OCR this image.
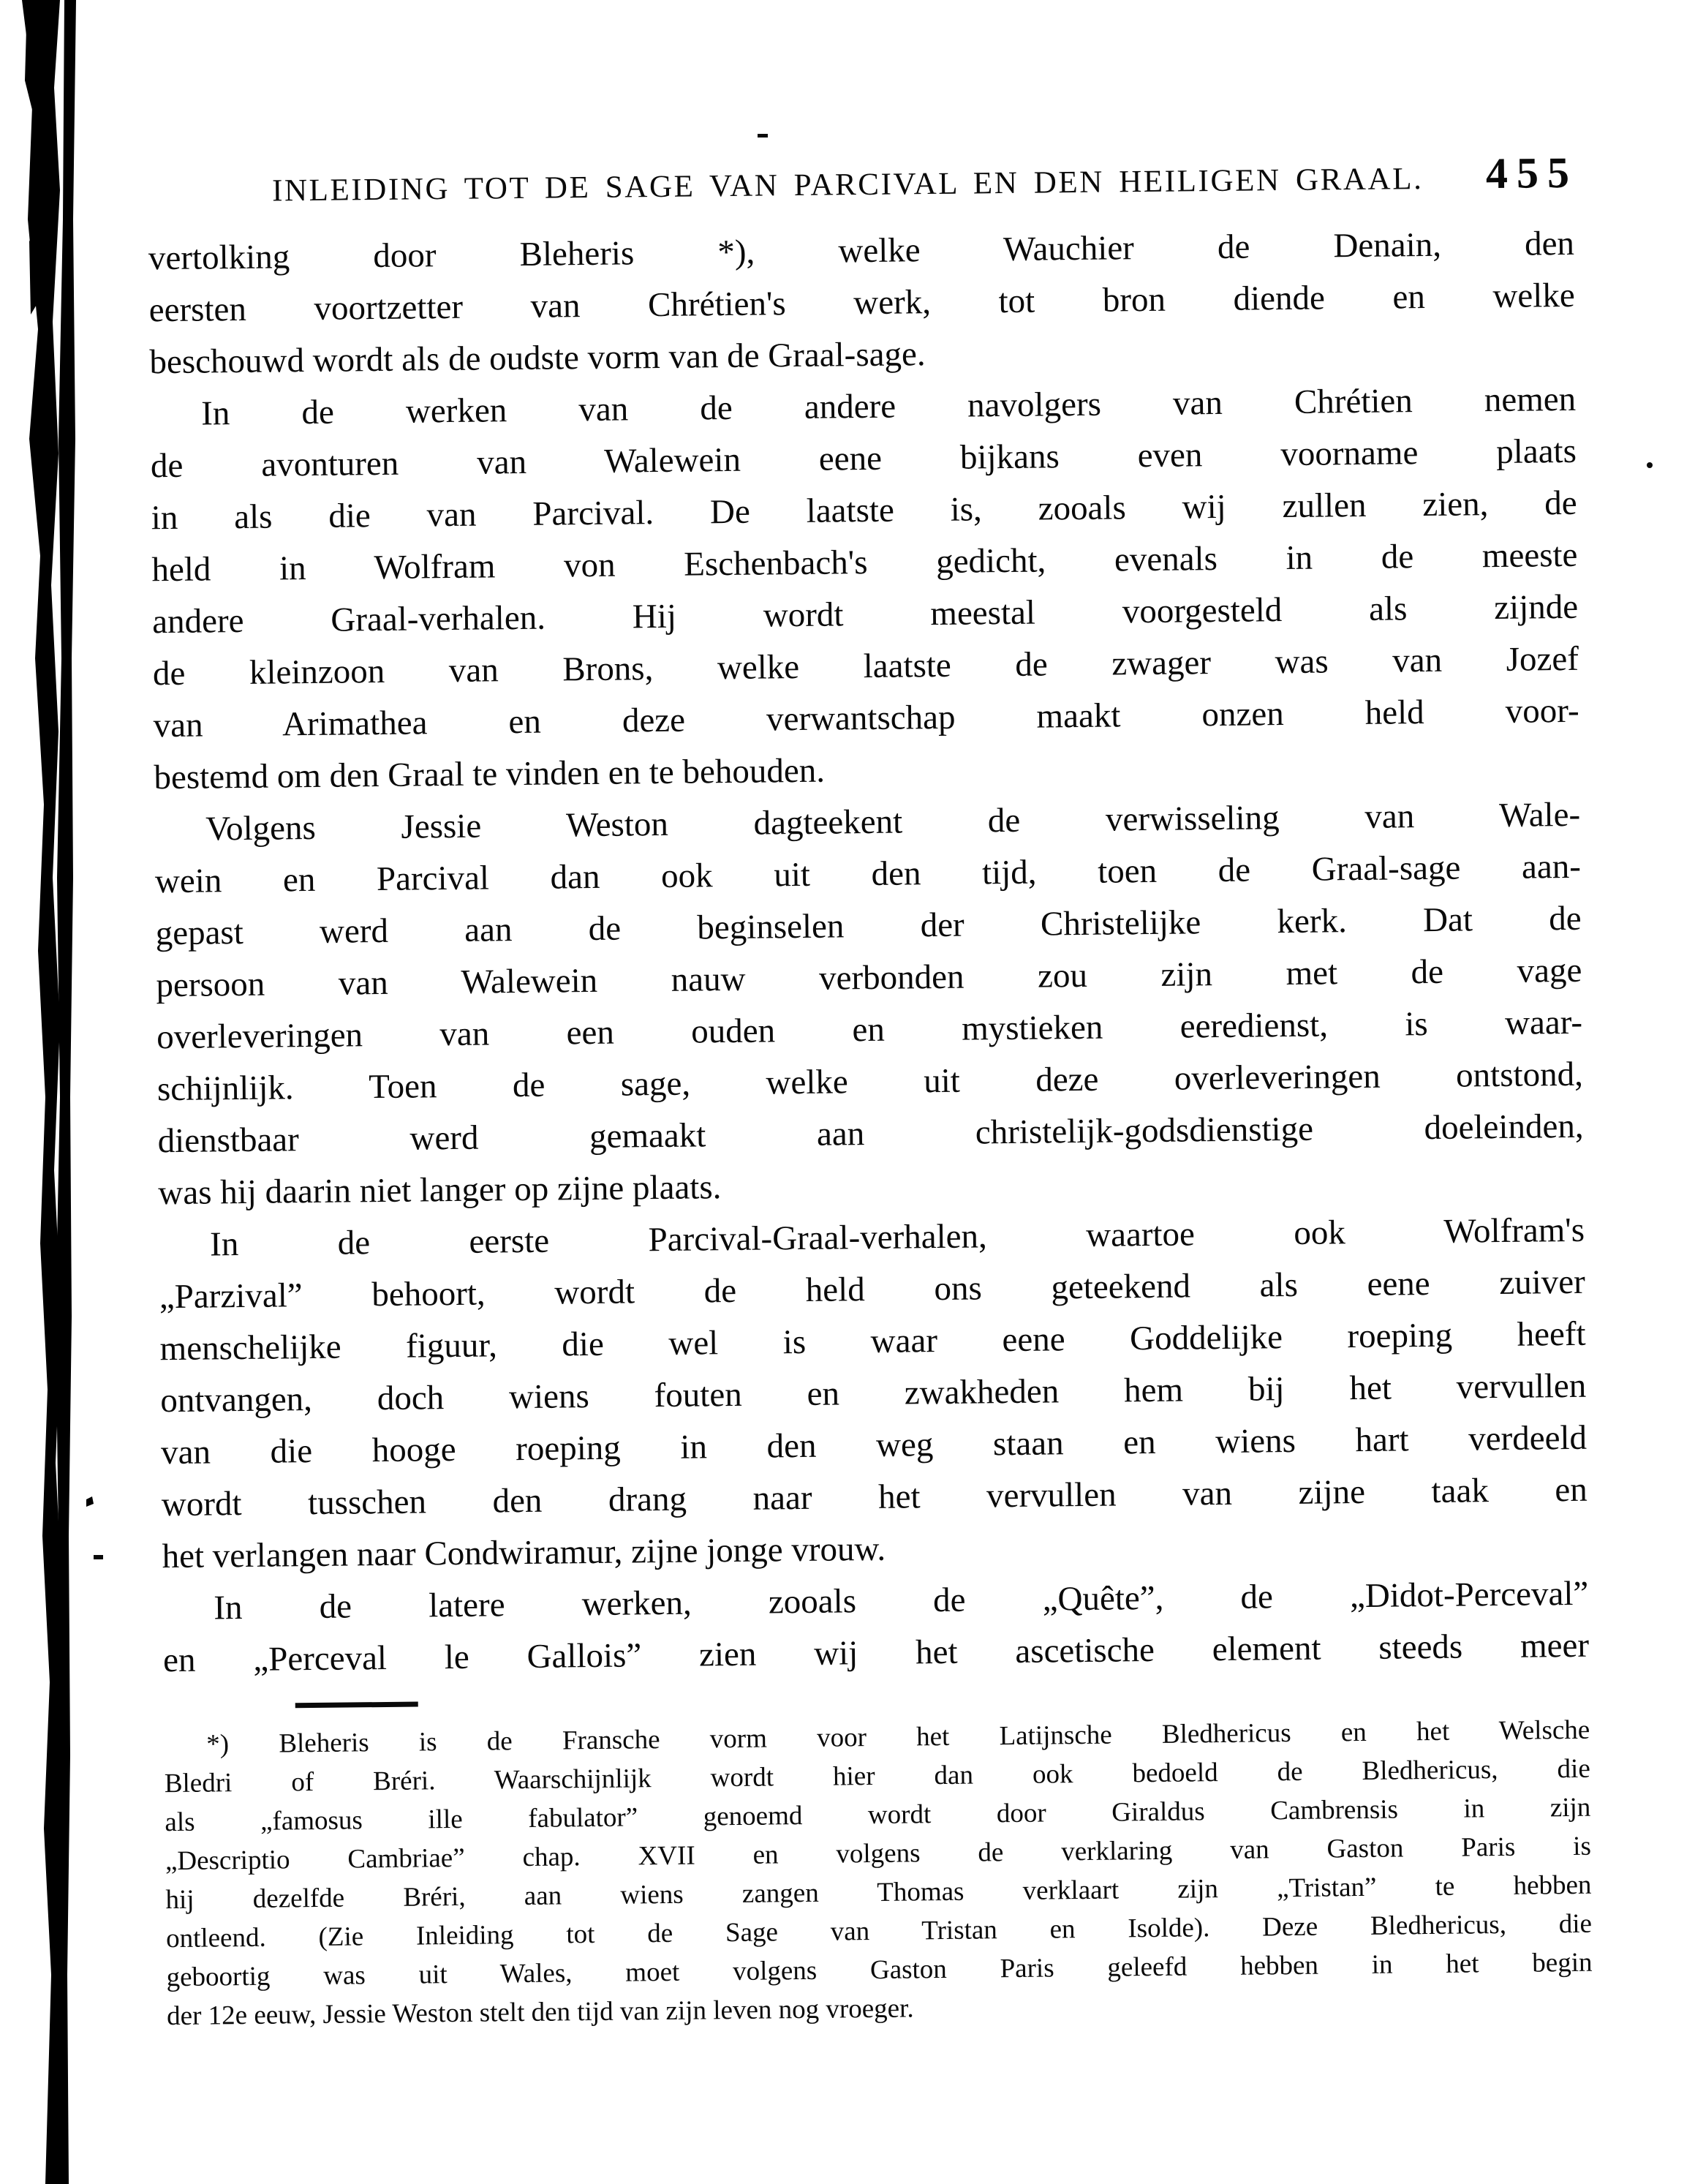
INLEIDING TOT DE SAGE VAN PARCIVAL EN DEN HEILIGEN GRAAL. 455
vertolking door Bleheris *), welke Wauchier de Denain, den
eersten voortzetter van Chrétien's werk, tot bron diende en welke
beschouwd wordt als de oudste vorm van de Graal-sage.
In de werken van de andere navolgers van Chrétien nemen
de avonturen van Walewein eene bijkans even voorname plaats
in als die van Parcival. De laatste is, zooals wij zullen zien, de
held in Wolfram von Eschenbach's gedicht, evenals in de meeste
andere Graal-verhalen. Hij wordt meestal voorgesteld als zijnde
de kleinzoon van Brons, welke laatste de zwager was van Jozef
van Arimathea en deze verwantschap maakt onzen held voor-
bestemd om den Graal te vinden en te behouden.
Volgens Jessie Weston dagteekent de verwisseling van Wale-
wein en Parcival dan ook uit den tijd, toen de Graal-sage aan-
gepast werd aan de beginselen der Christelijke kerk. Dat de
persoon van Walewein nauw verbonden zou zijn met de vage
overleveringen van een ouden en mystieken eeredienst, is waar-
schijnlijk. Toen de sage, welke uit deze overleveringen ontstond,
dienstbaar werd gemaakt aan christelijk-godsdienstige doeleinden,
was hij daarin niet langer op zijne plaats.
In de eerste Parcival-Graal-verhalen, waartoe ook Wolfram's
„Parzival” behoort, wordt de held ons geteekend als eene zuiver
menschelijke figuur, die wel is waar eene Goddelijke roeping heeft
ontvangen, doch wiens fouten en zwakheden hem bij het vervullen
van die hooge roeping in den weg staan en wiens hart verdeeld
wordt tusschen den drang naar het vervullen van zijne taak en
het verlangen naar Condwiramur, zijne jonge vrouw.
In de latere werken, zooals de „Quête”, de „Didot-Perceval”
en „Perceval le Gallois” zien wij het ascetische element steeds meer
*) Bleheris is de Fransche vorm voor het Latijnsche Bledhericus en het Welsche
Bledri of Bréri. Waarschijnlijk wordt hier dan ook bedoeld de Bledhericus, die
als „famosus ille fabulator” genoemd wordt door Giraldus Cambrensis in zijn
„Descriptio Cambriae” chap. XVII en volgens de verklaring van Gaston Paris is
hij dezelfde Bréri, aan wiens zangen Thomas verklaart zijn „Tristan” te hebben
ontleend. (Zie Inleiding tot de Sage van Tristan en Isolde). Deze Bledhericus, die
geboortig was uit Wales, moet volgens Gaston Paris geleefd hebben in het begin
der 12e eeuw, Jessie Weston stelt den tijd van zijn leven nog vroeger.
